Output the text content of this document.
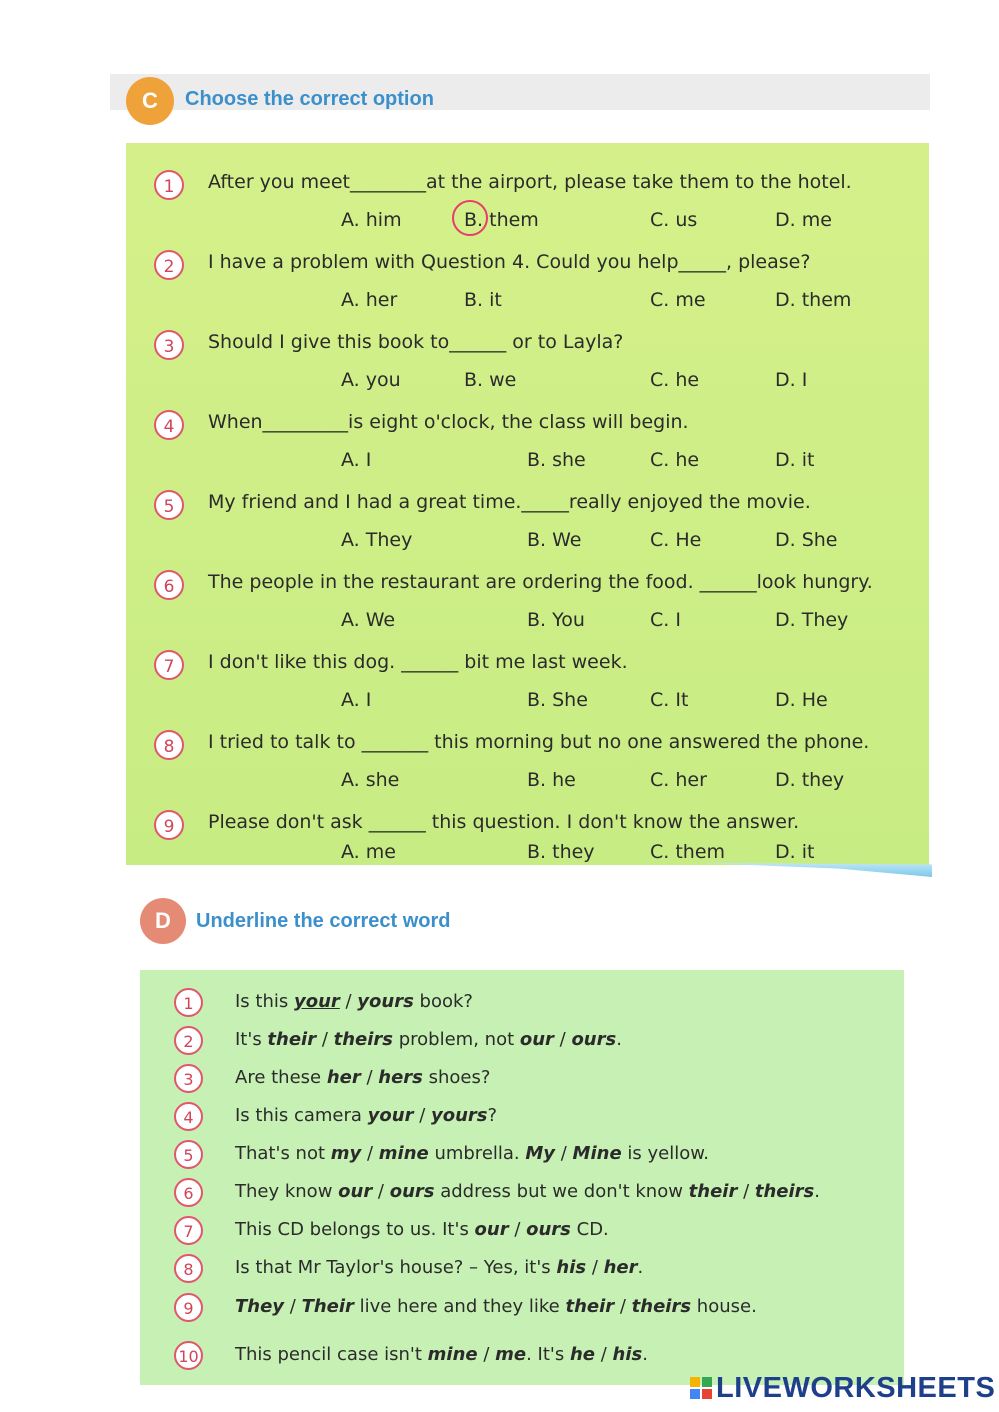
C	Choose the correct option
1	After you meet________at the airport, please take them to the hotel.
A. him	B. them	C. us	D. me
2	I have a problem with Question 4. Could you help_____, please?
A. her	B. it	C. me	D. them
3	Should I give this book to______ or to Layla?
A. you	B. we	C. he	D. I
4	When_________is eight o'clock, the class will begin.
A. I	B. she	C. he	D. it
5	My friend and I had a great time._____really enjoyed the movie.
A. They	B. We	C. He	D. She
6	The people in the restaurant are ordering the food. ______look hungry.
A. We	B. You	C. I	D. They
7	I don't like this dog. ______ bit me last week.
A. I	B. She	C. It	D. He
8	I tried to talk to _______ this morning but no one answered the phone.
A. she	B. he	C. her	D. they
9	Please don't ask ______ this question. I don't know the answer.
A. me	B. they	C. them	D. it
D	Underline the correct word
1	Is this your / yours book?
2	It's their / theirs problem, not our / ours.
3	Are these her / hers shoes?
4	Is this camera your / yours?
5	That's not my / mine umbrella. My / Mine is yellow.
6	They know our / ours address but we don't know their / theirs.
7	This CD belongs to us. It's our / ours CD.
8	Is that Mr Taylor's house? – Yes, it's his / her.
9	They / Their live here and they like their / theirs house.
10 This pencil case isn't mine / me. It's he / his.
LIVEWORKSHEETS
